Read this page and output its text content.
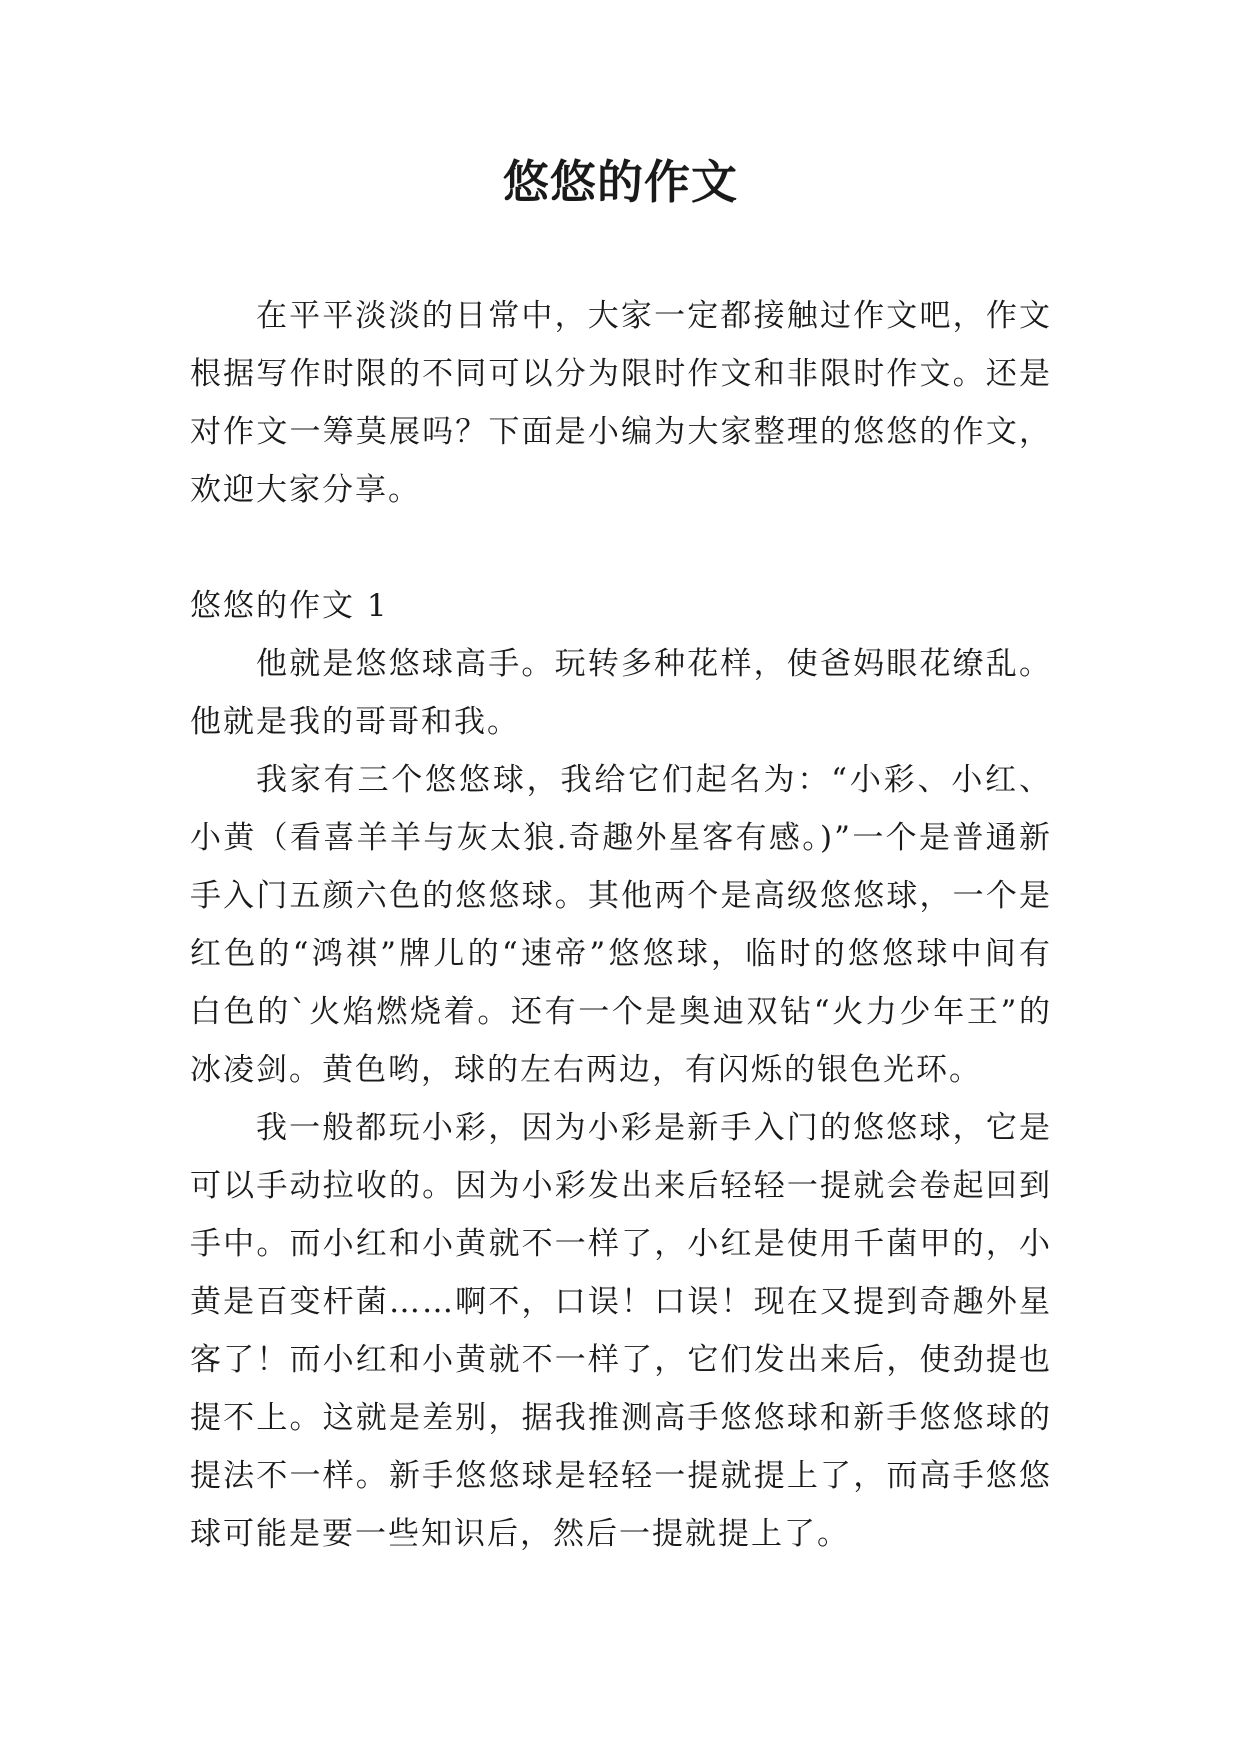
悠悠的作文

在平平淡淡的日常中，大家一定都接触过作文吧，作文根据写作时限的不同可以分为限时作文和非限时作文。还是对作文一筹莫展吗？下面是小编为大家整理的悠悠的作文，欢迎大家分享。

悠悠的作文 1

他就是悠悠球高手。玩转多种花样，使爸妈眼花缭乱。他就是我的哥哥和我。

我家有三个悠悠球，我给它们起名为：“小彩、小红、小黄（看喜羊羊与灰太狼.奇趣外星客有感。)”一个是普通新手入门五颜六色的悠悠球。其他两个是高级悠悠球，一个是红色的“鸿祺”牌儿的“速帝”悠悠球，临时的悠悠球中间有白色的`火焰燃烧着。还有一个是奥迪双钻“火力少年王”的冰凌剑。黄色哟，球的左右两边，有闪烁的银色光环。

我一般都玩小彩，因为小彩是新手入门的悠悠球，它是可以手动拉收的。因为小彩发出来后轻轻一提就会卷起回到手中。而小红和小黄就不一样了，小红是使用千菌甲的，小黄是百变杆菌……啊不，口误！口误！现在又提到奇趣外星客了！而小红和小黄就不一样了，它们发出来后，使劲提也提不上。这就是差别，据我推测高手悠悠球和新手悠悠球的提法不一样。新手悠悠球是轻轻一提就提上了，而高手悠悠球可能是要一些知识后，然后一提就提上了。
